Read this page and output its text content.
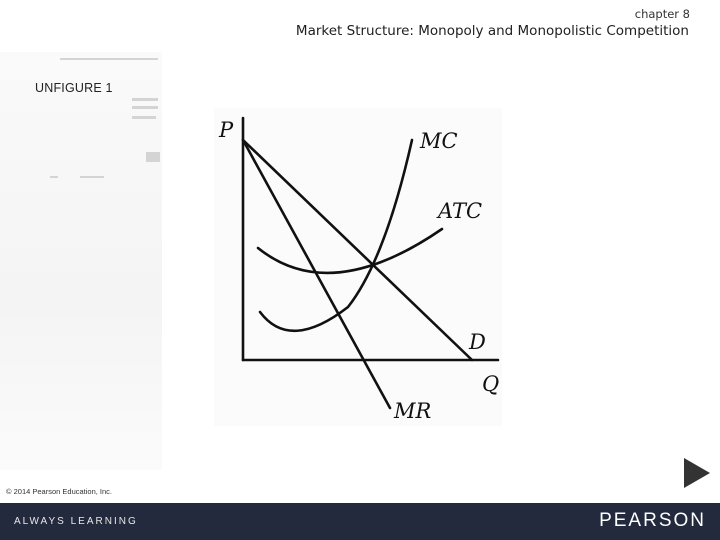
chapter 8
Market Structure: Monopoly and Monopolistic Competition
UNFIGURE 1
P
Q
MC
ATC
D
MR
© 2014 Pearson Education, Inc.
ALWAYS LEARNING	PEARSON
